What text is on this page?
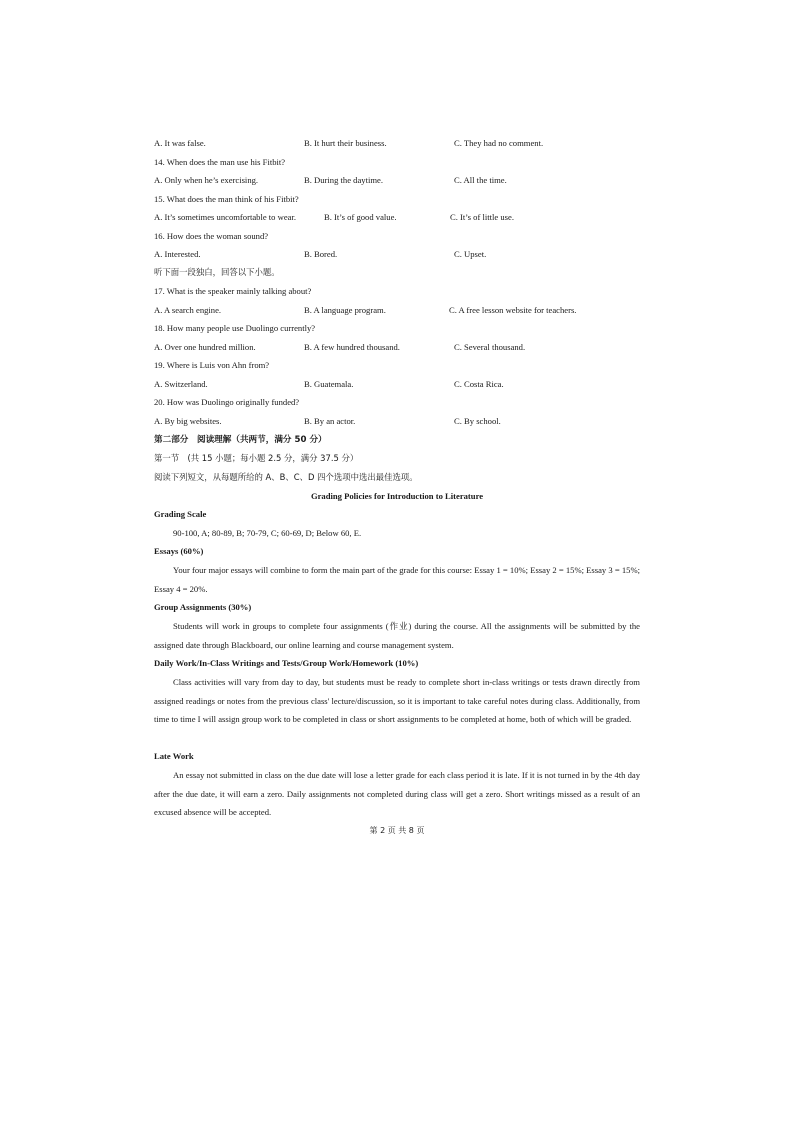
A. It was false.	B. It hurt their business.	C. They had no comment.
14. When does the man use his Fitbit?
A. Only when he’s exercising.	B. During the daytime.	C. All the time.
15. What does the man think of his Fitbit?
A. It’s sometimes uncomfortable to wear.	B. It’s of good value.	C. It’s of little use.
16. How does the woman sound?
A. Interested.	B. Bored.	C. Upset.
听下面一段独白，回答以下小题。
17. What is the speaker mainly talking about?
A. A search engine.	B. A language program.	C. A free lesson website for teachers.
18. How many people use Duolingo currently?
A. Over one hundred million.	B. A few hundred thousand.	C. Several thousand.
19. Where is Luis von Ahn from?
A. Switzerland.	B. Guatemala.	C. Costa Rica.
20. How was Duolingo originally funded?
A. By big websites.	B. By an actor.	C. By school.
第二部分　阅读理解（共两节，满分 50 分）
第一节　(共 15 小题；每小题 2.5 分，满分 37.5 分）
阅读下列短文，从每题所给的 A、B、C、D 四个选项中选出最佳选项。
Grading Policies for Introduction to Literature
Grading Scale
90-100, A; 80-89, B; 70-79, C; 60-69, D; Below 60, E.
Essays (60%)
Your four major essays will combine to form the main part of the grade for this course: Essay 1 = 10%; Essay 2 = 15%; Essay 3 = 15%; Essay 4 = 20%.
Group Assignments (30%)
Students will work in groups to complete four assignments (作业) during the course. All the assignments will be submitted by the assigned date through Blackboard, our online learning and course management system.
Daily Work/In-Class Writings and Tests/Group Work/Homework (10%)
Class activities will vary from day to day, but students must be ready to complete short in-class writings or tests drawn directly from assigned readings or notes from the previous class' lecture/discussion, so it is important to take careful notes during class. Additionally, from time to time I will assign group work to be completed in class or short assignments to be completed at home, both of which will be graded.
Late Work
An essay not submitted in class on the due date will lose a letter grade for each class period it is late. If it is not turned in by the 4th day after the due date, it will earn a zero. Daily assignments not completed during class will get a zero. Short writings missed as a result of an excused absence will be accepted.
第 2 页 共 8 页
